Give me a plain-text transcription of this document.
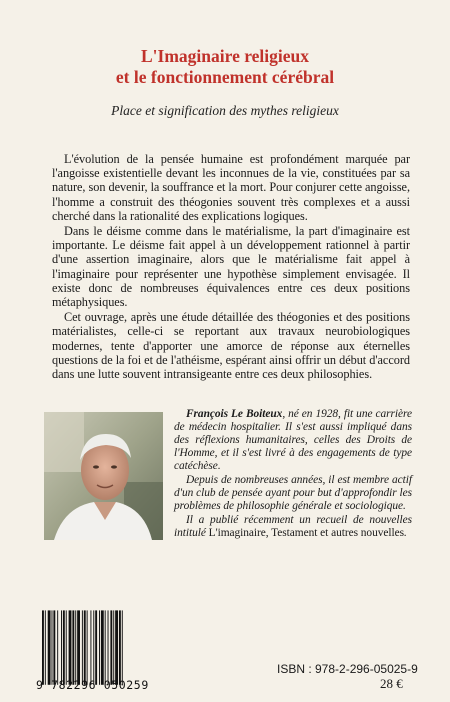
L'Imaginaire religieux
et le fonctionnement cérébral
Place et signification des mythes religieux

L'évolution de la pensée humaine est profondément marquée par l'angoisse existentielle devant les inconnues de la vie, constituées par sa nature, son devenir, la souffrance et la mort. Pour conjurer cette angoisse, l'homme a construit des théogonies souvent très complexes et a aussi cherché dans la rationalité des explications logiques.

Dans le déisme comme dans le matérialisme, la part d'imaginaire est importante. Le déisme fait appel à un développement rationnel à partir d'une assertion imaginaire, alors que le matérialisme fait appel à l'imaginaire pour représenter une hypothèse simplement envisagée. Il existe donc de nombreuses équivalences entre ces deux positions métaphysiques.

Cet ouvrage, après une étude détaillée des théogonies et des positions matérialistes, celle-ci se reportant aux travaux neurobiologiques modernes, tente d'apporter une amorce de réponse aux éternelles questions de la foi et de l'athéisme, espérant ainsi offrir un début d'accord dans une lutte souvent intransigeante entre ces deux philosophies.

François Le Boiteux, né en 1928, fit une carrière de médecin hospitalier. Il s'est aussi impliqué dans des réflexions humanitaires, celles des Droits de l'Homme, et il s'est livré à des engagements de type catéchèse.

Depuis de nombreuses années, il est membre actif d'un club de pensée ayant pour but d'approfondir les problèmes de philosophie générale et sociologique.

Il a publié récemment un recueil de nouvelles intitulé L'imaginaire, Testament et autres nouvelles.

9 782296 050259
ISBN : 978-2-296-05025-9
28 €
